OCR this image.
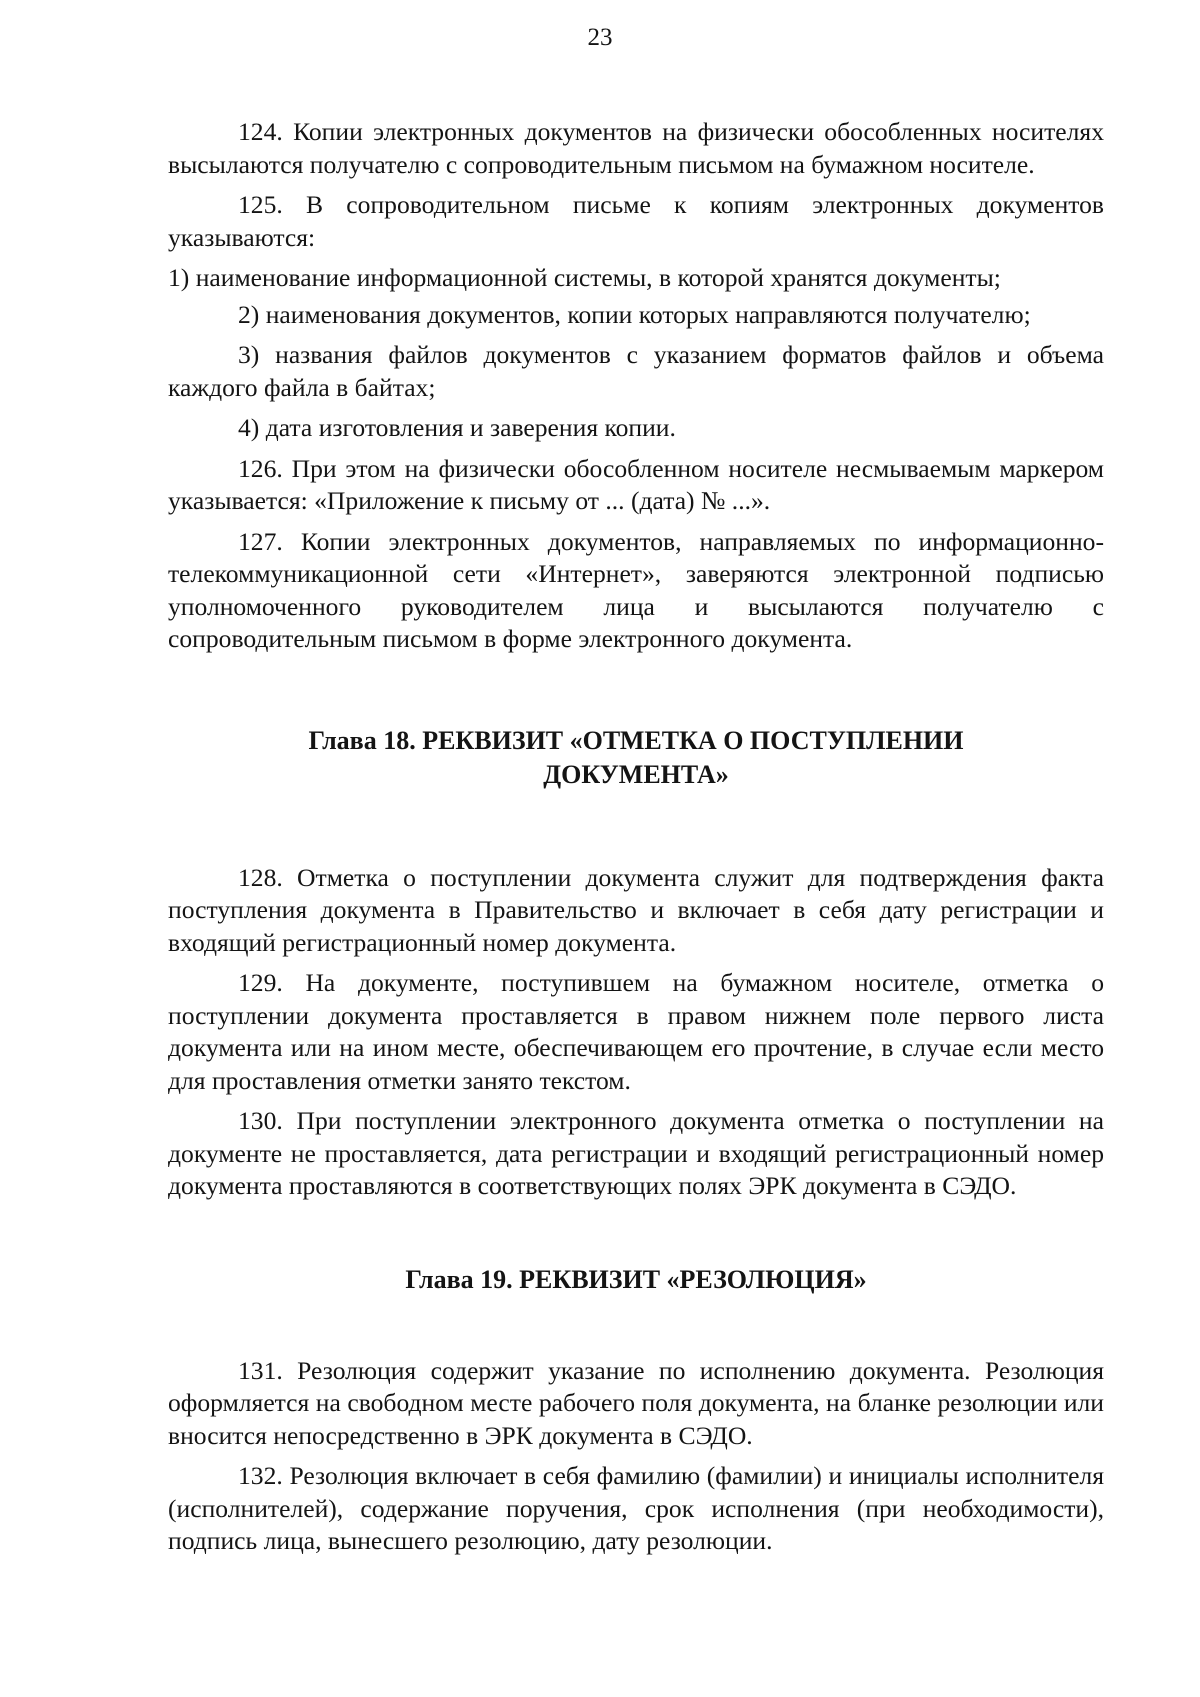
23

124. Копии электронных документов на физически обособленных носителях высылаются получателю с сопроводительным письмом на бумажном носителе.

125. В сопроводительном письме к копиям электронных документов указываются:

1) наименование информационной системы, в которой хранятся документы;

2) наименования документов, копии которых направляются получателю;

3) названия файлов документов с указанием форматов файлов и объема каждого файла в байтах;

4) дата изготовления и заверения копии.

126. При этом на физически обособленном носителе несмываемым маркером указывается: «Приложение к письму от ... (дата) № ...».

127. Копии электронных документов, направляемых по информационно-телекоммуникационной сети «Интернет», заверяются электронной подписью уполномоченного руководителем лица и высылаются получателю с сопроводительным письмом в форме электронного документа.

Глава 18. РЕКВИЗИТ «ОТМЕТКА О ПОСТУПЛЕНИИ
ДОКУМЕНТА»

128. Отметка о поступлении документа служит для подтверждения факта поступления документа в Правительство и включает в себя дату регистрации и входящий регистрационный номер документа.

129. На документе, поступившем на бумажном носителе, отметка о поступлении документа проставляется в правом нижнем поле первого листа документа или на ином месте, обеспечивающем его прочтение, в случае если место для проставления отметки занято текстом.

130. При поступлении электронного документа отметка о поступлении на документе не проставляется, дата регистрации и входящий регистрационный номер документа проставляются в соответствующих полях ЭРК документа в СЭДО.

Глава 19. РЕКВИЗИТ «РЕЗОЛЮЦИЯ»

131. Резолюция содержит указание по исполнению документа. Резолюция оформляется на свободном месте рабочего поля документа, на бланке резолюции или вносится непосредственно в ЭРК документа в СЭДО.

132. Резолюция включает в себя фамилию (фамилии) и инициалы исполнителя (исполнителей), содержание поручения, срок исполнения (при необходимости), подпись лица, вынесшего резолюцию, дату резолюции.
